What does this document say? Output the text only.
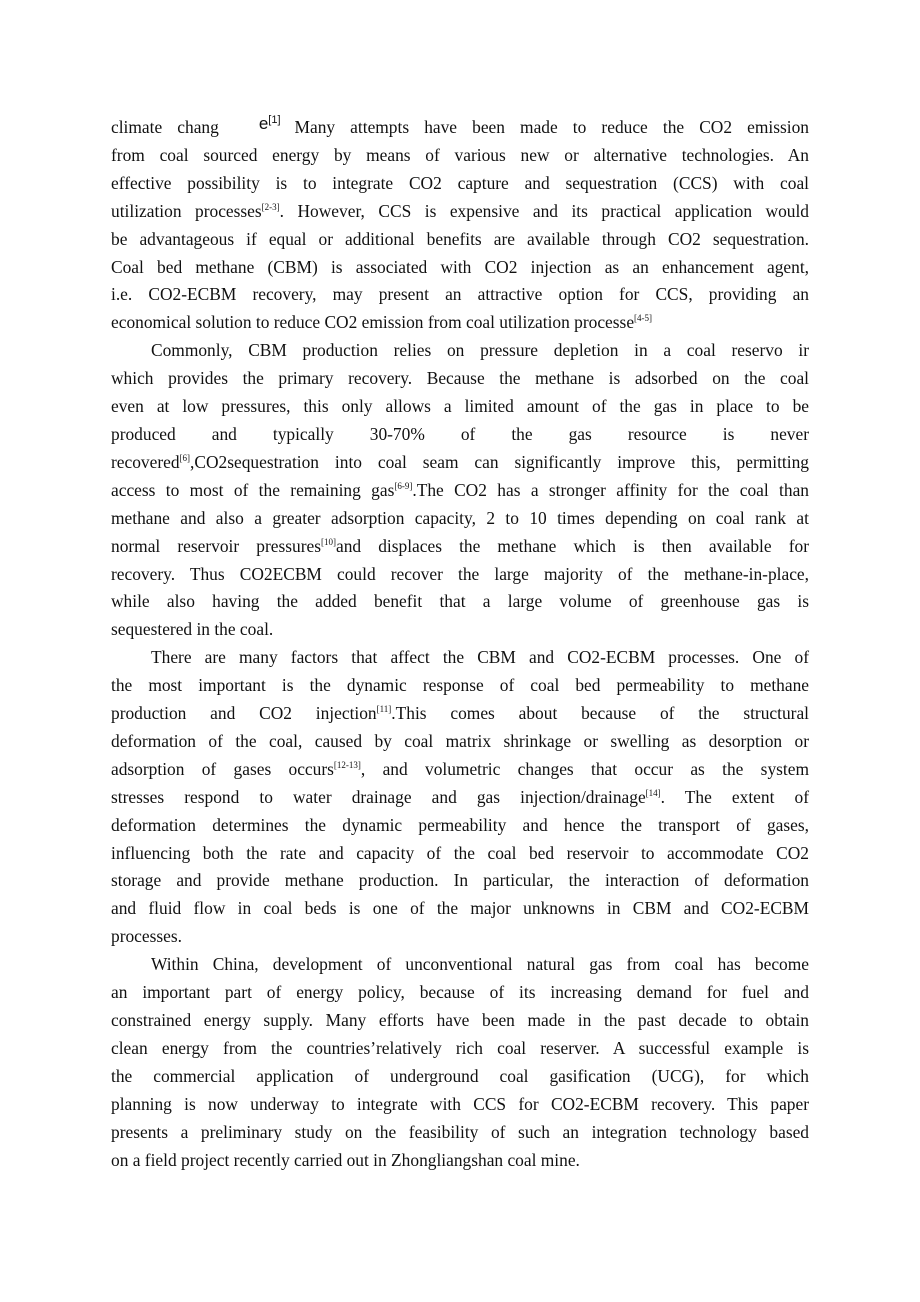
climate chang e[1] Many attempts have been made to reduce the CO2 emission
from coal sourced energy by means of various new or alternative technologies. An
effective possibility is to integrate CO2 capture and sequestration (CCS) with coal
utilization processes[2-3]. However, CCS is expensive and its practical application would
be advantageous if equal or additional benefits are available through CO2 sequestration.
Coal bed methane (CBM) is associated with CO2 injection as an enhancement agent,
i.e. CO2-ECBM recovery, may present an attractive option for CCS, providing an
economical solution to reduce CO2 emission from coal utilization processe[4-5]
Commonly, CBM production relies on pressure depletion in a coal reservo ir
which provides the primary recovery. Because the methane is adsorbed on the coal
even at low pressures, this only allows a limited amount of the gas in place to be
produced and typically 30-70% of the gas resource is never
recovered[6],CO2sequestration into coal seam can significantly improve this, permitting
access to most of the remaining gas[6-9].The CO2 has a stronger affinity for the coal than
methane and also a greater adsorption capacity, 2 to 10 times depending on coal rank at
normal reservoir pressures[10]and displaces the methane which is then available for
recovery. Thus CO2ECBM could recover the large majority of the methane-in-place,
while also having the added benefit that a large volume of greenhouse gas is
sequestered in the coal.
There are many factors that affect the CBM and CO2-ECBM processes. One of
the most important is the dynamic response of coal bed permeability to methane
production and CO2 injection[11].This comes about because of the structural
deformation of the coal, caused by coal matrix shrinkage or swelling as desorption or
adsorption of gases occurs[12-13], and volumetric changes that occur as the system
stresses respond to water drainage and gas injection/drainage[14]. The extent of
deformation determines the dynamic permeability and hence the transport of gases,
influencing both the rate and capacity of the coal bed reservoir to accommodate CO2
storage and provide methane production. In particular, the interaction of deformation
and fluid flow in coal beds is one of the major unknowns in CBM and CO2-ECBM
processes.
Within China, development of unconventional natural gas from coal has become
an important part of energy policy, because of its increasing demand for fuel and
constrained energy supply. Many efforts have been made in the past decade to obtain
clean energy from the countries’relatively rich coal reserver. A successful example is
the commercial application of underground coal gasification (UCG), for which
planning is now underway to integrate with CCS for CO2-ECBM recovery. This paper
presents a preliminary study on the feasibility of such an integration technology based
on a field project recently carried out in Zhongliangshan coal mine.
